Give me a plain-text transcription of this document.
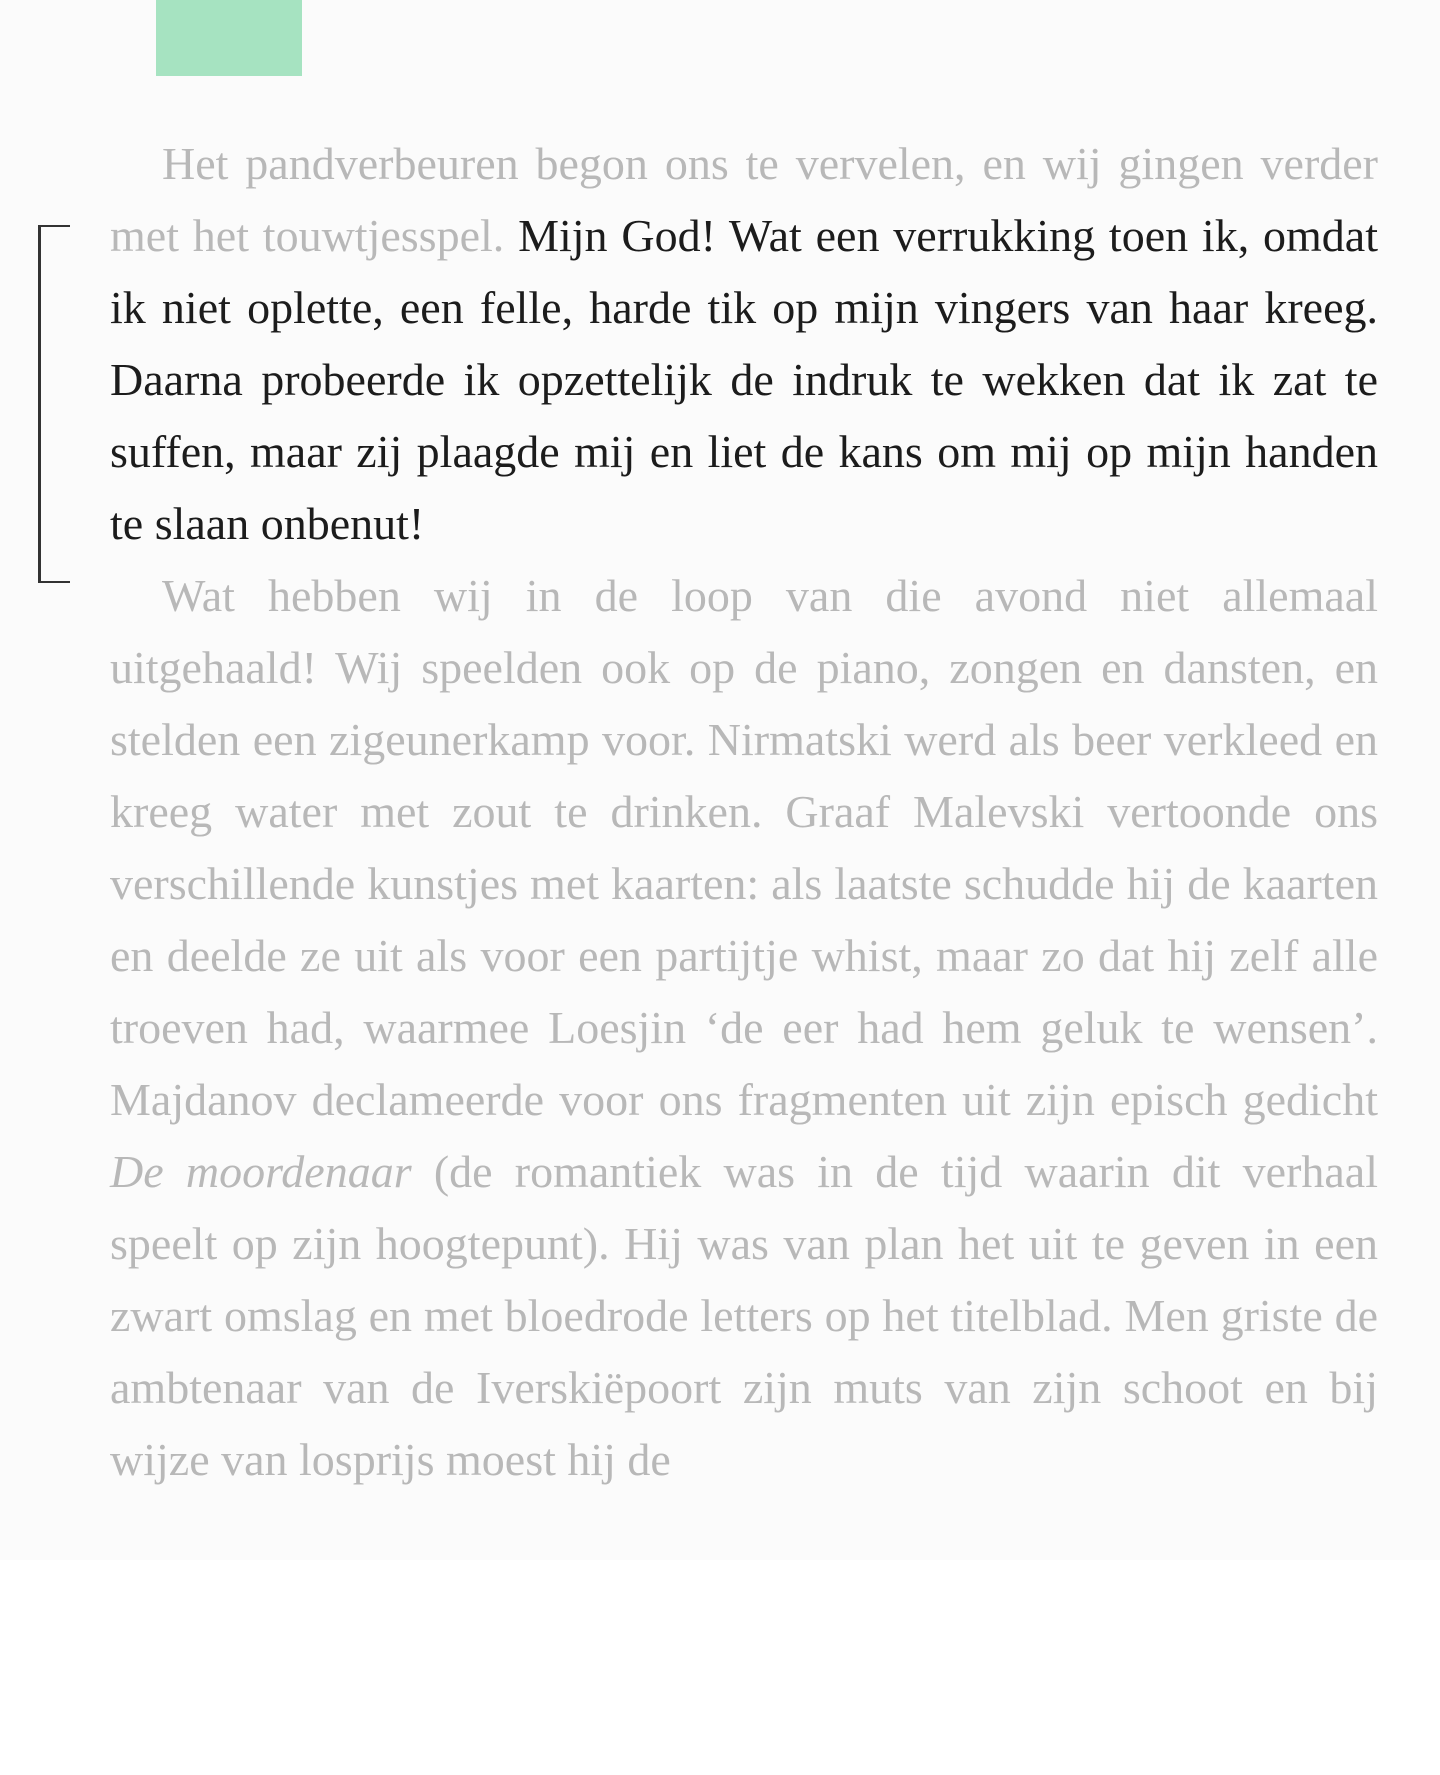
Het pandverbeuren begon ons te vervelen, en wij gingen verder met het touwtjesspel. Mijn God! Wat een verrukking toen ik, omdat ik niet oplette, een felle, harde tik op mijn vingers van haar kreeg. Daarna probeerde ik opzettelijk de indruk te wekken dat ik zat te suffen, maar zij plaagde mij en liet de kans om mij op mijn handen te slaan onbenut!

Wat hebben wij in de loop van die avond niet allemaal uitgehaald! Wij speelden ook op de piano, zongen en dansten, en stelden een zigeunerkamp voor. Nirmatski werd als beer verkleed en kreeg water met zout te drinken. Graaf Malevski vertoonde ons verschillende kunstjes met kaarten: als laatste schudde hij de kaarten en deelde ze uit als voor een partijtje whist, maar zo dat hij zelf alle troeven had, waarmee Loesjin ‘de eer had hem geluk te wensen’. Majdanov declameerde voor ons fragmenten uit zijn episch gedicht De moordenaar (de romantiek was in de tijd waarin dit verhaal speelt op zijn hoogtepunt). Hij was van plan het uit te geven in een zwart omslag en met bloedrode letters op het titelblad. Men griste de ambtenaar van de Iverskiëpoort zijn muts van zijn schoot en bij wijze van losprijs moest hij de
